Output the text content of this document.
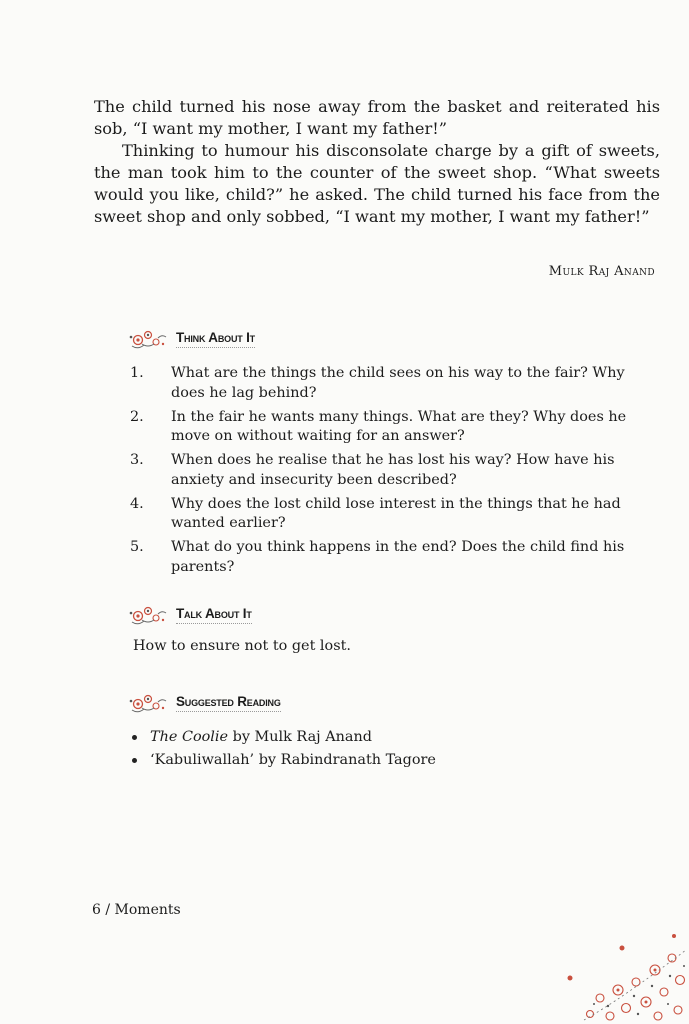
The child turned his nose away from the basket and reiterated his sob, “I want my mother, I want my father!”

Thinking to humour his disconsolate charge by a gift of sweets, the man took him to the counter of the sweet shop. “What sweets would you like, child?” he asked. The child turned his face from the sweet shop and only sobbed, “I want my mother, I want my father!”

Mulk Raj Anand
Think About It
1.	What are the things the child sees on his way to the fair? Why does he lag behind?
2.	In the fair he wants many things. What are they? Why does he move on without waiting for an answer?
3.	When does he realise that he has lost his way? How have his anxiety and insecurity been described?
4.	Why does the lost child lose interest in the things that he had wanted earlier?
5.	What do you think happens in the end? Does the child find his parents?
Talk About It
How to ensure not to get lost.
Suggested Reading
The Coolie by Mulk Raj Anand
‘Kabuliwallah’ by Rabindranath Tagore
6 / Moments
